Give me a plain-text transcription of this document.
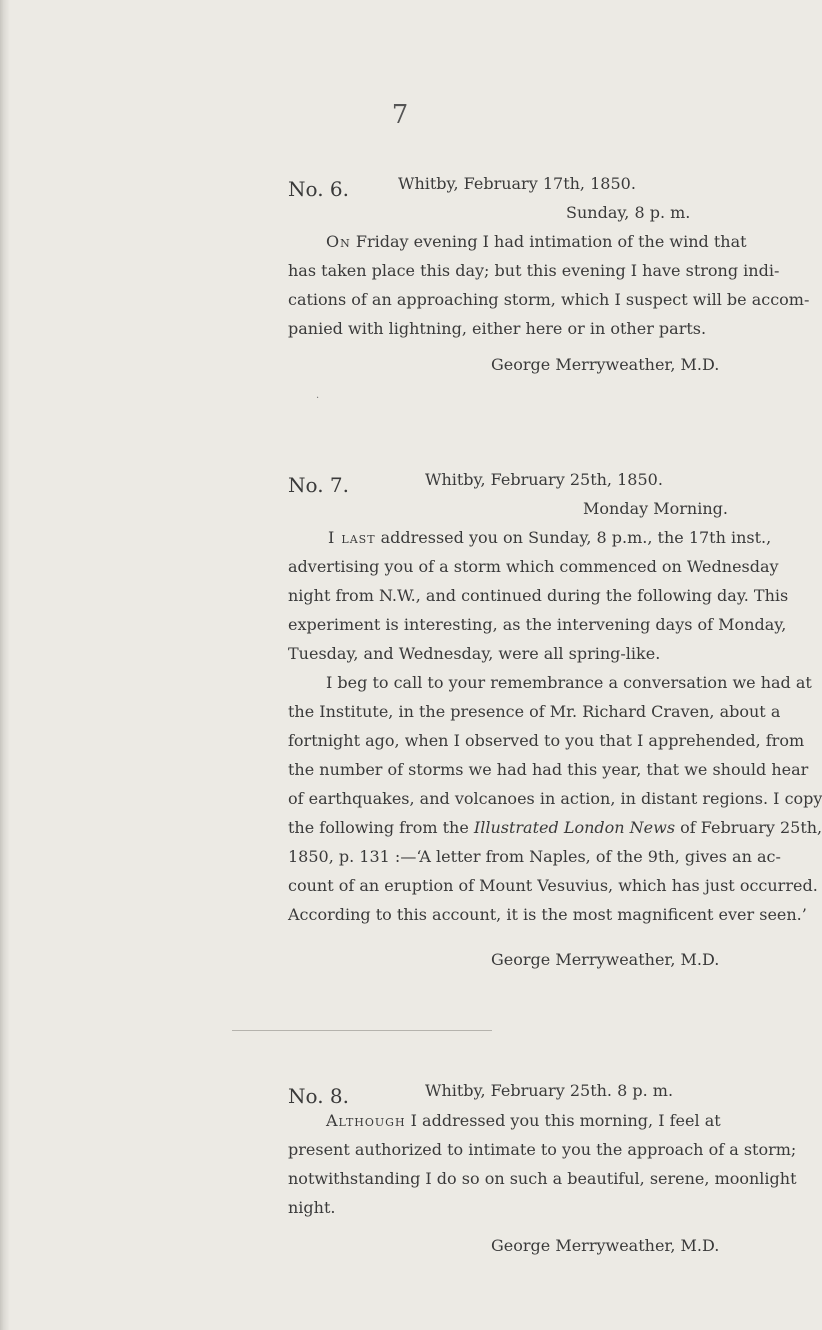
7
No. 6.	Whitby, February 17th, 1850.
Sunday, 8 p. m.
On Friday evening I had intimation of the wind that
has taken place this day; but this evening I have strong indi-
cations of an approaching storm, which I suspect will be accom-
panied with lightning, either here or in other parts.
George Merryweather, M.D.
·
No. 7.	Whitby, February 25th, 1850.
Monday Morning.
I last addressed you on Sunday, 8 p.m., the 17th inst.,
advertising you of a storm which commenced on Wednesday
night from N.W., and continued during the following day. This
experiment is interesting, as the intervening days of Monday,
Tuesday, and Wednesday, were all spring-like.
I beg to call to your remembrance a conversation we had at
the Institute, in the presence of Mr. Richard Craven, about a
fortnight ago, when I observed to you that I apprehended, from
the number of storms we had had this year, that we should hear
of earthquakes, and volcanoes in action, in distant regions. I copy
the following from the Illustrated London News of February 25th,
1850, p. 131 :—‘A letter from Naples, of the 9th, gives an ac-
count of an eruption of Mount Vesuvius, which has just occurred.
According to this account, it is the most magnificent ever seen.’
George Merryweather, M.D.
No. 8.	Whitby, February 25th. 8 p. m.
Although I addressed you this morning, I feel at
present authorized to intimate to you the approach of a storm;
notwithstanding I do so on such a beautiful, serene, moonlight
night.
George Merryweather, M.D.
